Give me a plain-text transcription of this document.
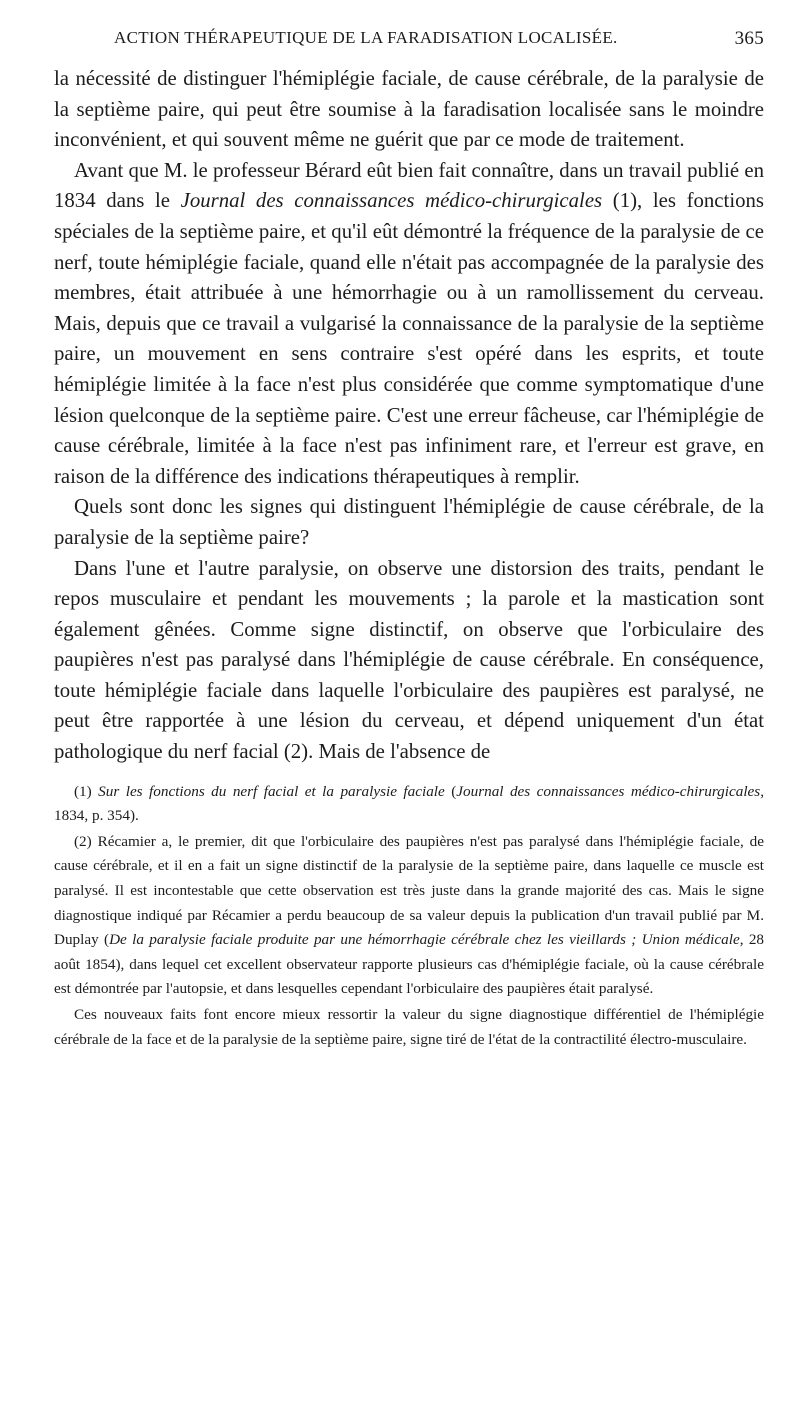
ACTION THÉRAPEUTIQUE DE LA FARADISATION LOCALISÉE.	365

la nécessité de distinguer l'hémiplégie faciale, de cause cérébrale, de la paralysie de la septième paire, qui peut être soumise à la faradisation localisée sans le moindre inconvénient, et qui souvent même ne guérit que par ce mode de traitement.

Avant que M. le professeur Bérard eût bien fait connaître, dans un travail publié en 1834 dans le Journal des connaissances médico-chirurgicales (1), les fonctions spéciales de la septième paire, et qu'il eût démontré la fréquence de la paralysie de ce nerf, toute hémiplégie faciale, quand elle n'était pas accompagnée de la paralysie des membres, était attribuée à une hémorrhagie ou à un ramollissement du cerveau. Mais, depuis que ce travail a vulgarisé la connaissance de la paralysie de la septième paire, un mouvement en sens contraire s'est opéré dans les esprits, et toute hémiplégie limitée à la face n'est plus considérée que comme symptomatique d'une lésion quelconque de la septième paire. C'est une erreur fâcheuse, car l'hémiplégie de cause cérébrale, limitée à la face n'est pas infiniment rare, et l'erreur est grave, en raison de la différence des indications thérapeutiques à remplir.

Quels sont donc les signes qui distinguent l'hémiplégie de cause cérébrale, de la paralysie de la septième paire?

Dans l'une et l'autre paralysie, on observe une distorsion des traits, pendant le repos musculaire et pendant les mouvements ; la parole et la mastication sont également gênées. Comme signe distinctif, on observe que l'orbiculaire des paupières n'est pas paralysé dans l'hémiplégie de cause cérébrale. En conséquence, toute hémiplégie faciale dans laquelle l'orbiculaire des paupières est paralysé, ne peut être rapportée à une lésion du cerveau, et dépend uniquement d'un état pathologique du nerf facial (2). Mais de l'absence de

(1) Sur les fonctions du nerf facial et la paralysie faciale (Journal des connaissances médico-chirurgicales, 1834, p. 354).

(2) Récamier a, le premier, dit que l'orbiculaire des paupières n'est pas paralysé dans l'hémiplégie faciale, de cause cérébrale, et il en a fait un signe distinctif de la paralysie de la septième paire, dans laquelle ce muscle est paralysé. Il est incontestable que cette observation est très juste dans la grande majorité des cas. Mais le signe diagnostique indiqué par Récamier a perdu beaucoup de sa valeur depuis la publication d'un travail publié par M. Duplay (De la paralysie faciale produite par une hémorrhagie cérébrale chez les vieillards ; Union médicale, 28 août 1854), dans lequel cet excellent observateur rapporte plusieurs cas d'hémiplégie faciale, où la cause cérébrale est démontrée par l'autopsie, et dans lesquelles cependant l'orbiculaire des paupières était paralysé.

Ces nouveaux faits font encore mieux ressortir la valeur du signe diagnostique différentiel de l'hémiplégie cérébrale de la face et de la paralysie de la septième paire, signe tiré de l'état de la contractilité électro-musculaire.
